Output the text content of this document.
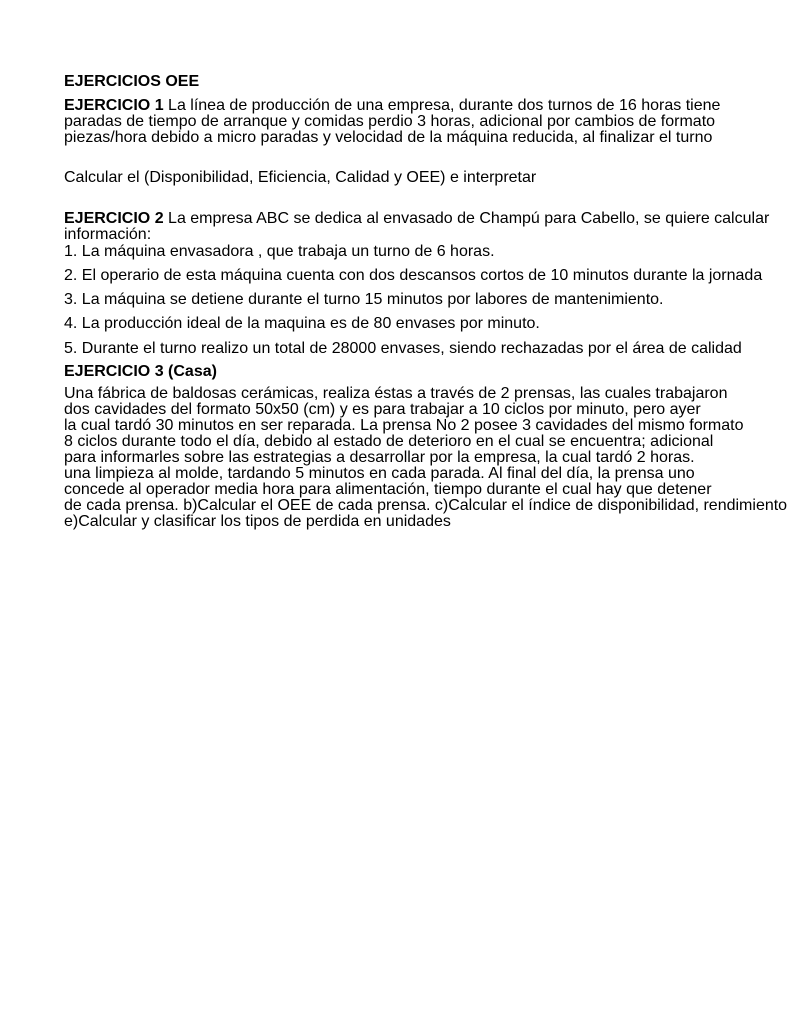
EJERCICIOS OEE
EJERCICIO 1 La línea de producción de una empresa, durante dos turnos de 16 horas tiene
paradas de tiempo de arranque y comidas perdio 3 horas, adicional por cambios de formato
piezas/hora debido a micro paradas y velocidad de la máquina reducida, al finalizar el turno
Calcular el (Disponibilidad, Eficiencia, Calidad y OEE) e interpretar
EJERCICIO 2 La empresa ABC se dedica al envasado de Champú para Cabello, se quiere calcular
información:
1. La máquina envasadora , que trabaja un turno de 6 horas.
2. El operario de esta máquina cuenta con dos descansos cortos de 10 minutos durante la jornada
3. La máquina se detiene durante el turno 15 minutos por labores de mantenimiento.
4. La producción ideal de la maquina es de 80 envases por minuto.
5. Durante el turno realizo un total de 28000 envases, siendo rechazadas por el área de calidad
EJERCICIO 3 (Casa)
Una fábrica de baldosas cerámicas, realiza éstas a través de 2 prensas, las cuales trabajaron
dos cavidades del formato 50x50 (cm) y es para trabajar a 10 ciclos por minuto, pero ayer
la cual tardó 30 minutos en ser reparada. La prensa No 2 posee 3 cavidades del mismo formato
8 ciclos durante todo el día, debido al estado de deterioro en el cual se encuentra; adicional
para informarles sobre las estrategias a desarrollar por la empresa, la cual tardó 2 horas.
una limpieza al molde, tardando 5 minutos en cada parada. Al final del día, la prensa uno
concede al operador media hora para alimentación, tiempo durante el cual hay que detener
de cada prensa. b)Calcular el OEE de cada prensa. c)Calcular el índice de disponibilidad, rendimiento
e)Calcular y clasificar los tipos de perdida en unidades
